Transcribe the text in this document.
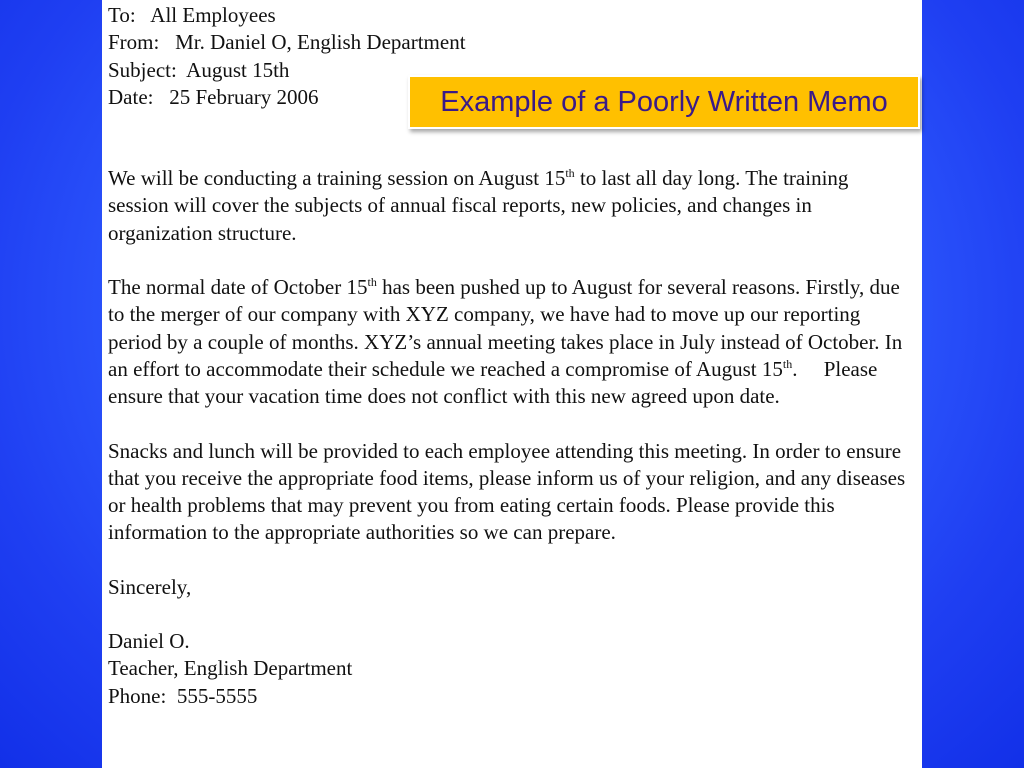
To:   All Employees

From:   Mr. Daniel O, English Department

Subject:  August 15th

Date:   25 February 2006

We will be conducting a training session on August 15th to last all day long. The training session will cover the subjects of annual fiscal reports, new policies, and changes in organization structure.

The normal date of October 15th has been pushed up to August for several reasons. Firstly, due to the merger of our company with XYZ company, we have had to move up our reporting period by a couple of months. XYZ’s annual meeting takes place in July instead of October. In an effort to accommodate their schedule we reached a compromise of August 15th.     Please ensure that your vacation time does not conflict with this new agreed upon date.

Snacks and lunch will be provided to each employee attending this meeting. In order to ensure that you receive the appropriate food items, please inform us of your religion, and any diseases or health problems that may prevent you from eating certain foods. Please provide this information to the appropriate authorities so we can prepare.

Sincerely,

Daniel O.

Teacher, English Department

Phone:  555-5555

Example of a Poorly Written Memo
